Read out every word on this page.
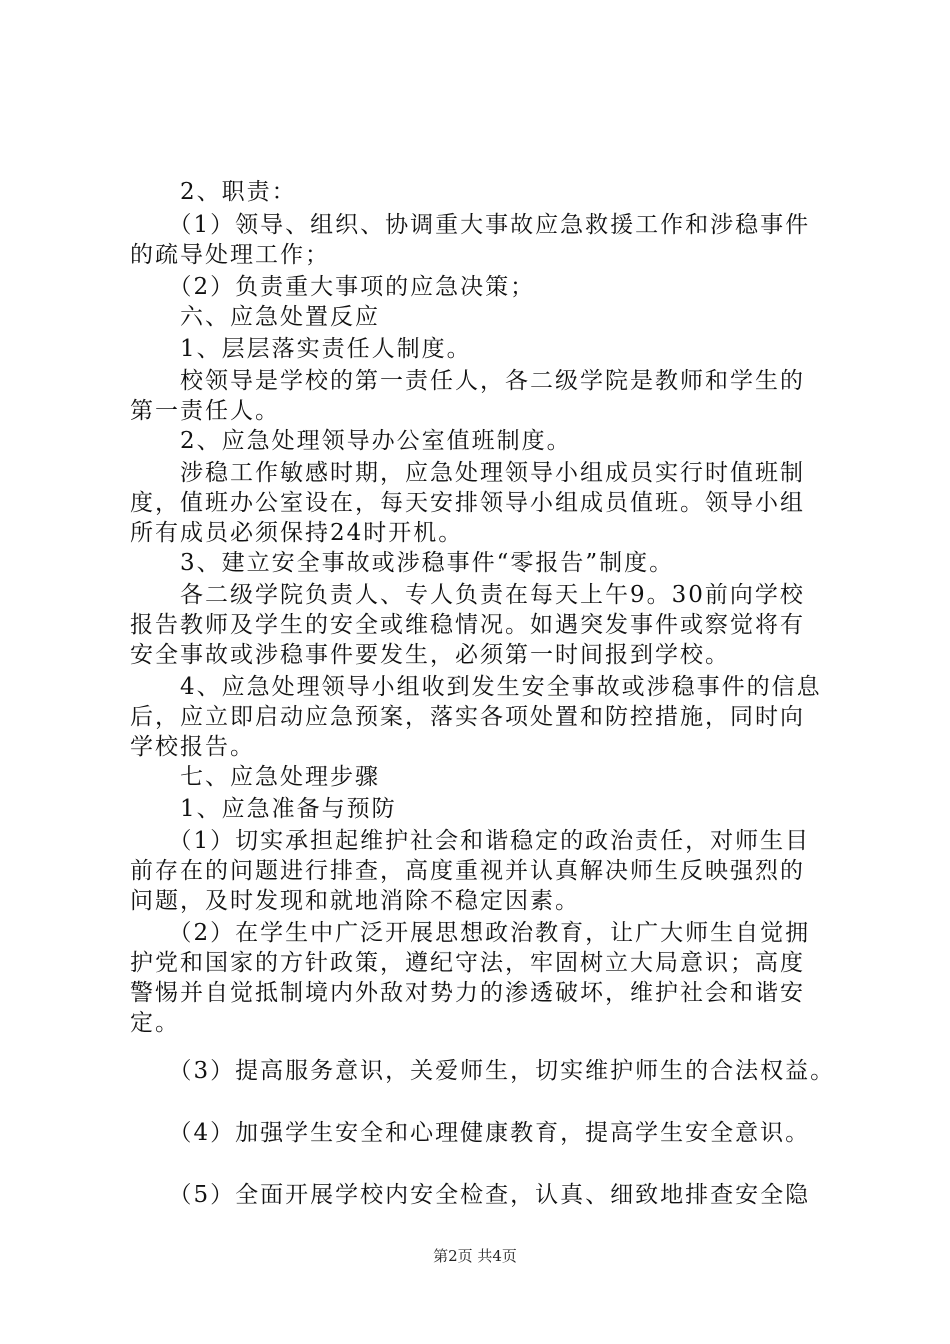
　　2、职责：
　　（1）领导、组织、协调重大事故应急救援工作和涉稳事件
的疏导处理工作；
　　（2）负责重大事项的应急决策；
　　六、应急处置反应
　　1、层层落实责任人制度。
　　校领导是学校的第一责任人，各二级学院是教师和学生的
第一责任人。
　　2、应急处理领导办公室值班制度。
　　涉稳工作敏感时期，应急处理领导小组成员实行时值班制
度，值班办公室设在，每天安排领导小组成员值班。领导小组
所有成员必须保持24时开机。
　　3、建立安全事故或涉稳事件“零报告”制度。
　　各二级学院负责人、专人负责在每天上午9。30前向学校
报告教师及学生的安全或维稳情况。如遇突发事件或察觉将有
安全事故或涉稳事件要发生，必须第一时间报到学校。
　　4、应急处理领导小组收到发生安全事故或涉稳事件的信息
后，应立即启动应急预案，落实各项处置和防控措施，同时向
学校报告。
　　七、应急处理步骤
　　1、应急准备与预防
　　（1）切实承担起维护社会和谐稳定的政治责任，对师生目
前存在的问题进行排查，高度重视并认真解决师生反映强烈的
问题，及时发现和就地消除不稳定因素。
　　（2）在学生中广泛开展思想政治教育，让广大师生自觉拥
护党和国家的方针政策，遵纪守法，牢固树立大局意识；高度
警惕并自觉抵制境内外敌对势力的渗透破坏，维护社会和谐安
定。
　　（3）提高服务意识，关爱师生，切实维护师生的合法权益。
　　（4）加强学生安全和心理健康教育，提高学生安全意识。
　　（5）全面开展学校内安全检查，认真、细致地排查安全隐
第2页 共4页
